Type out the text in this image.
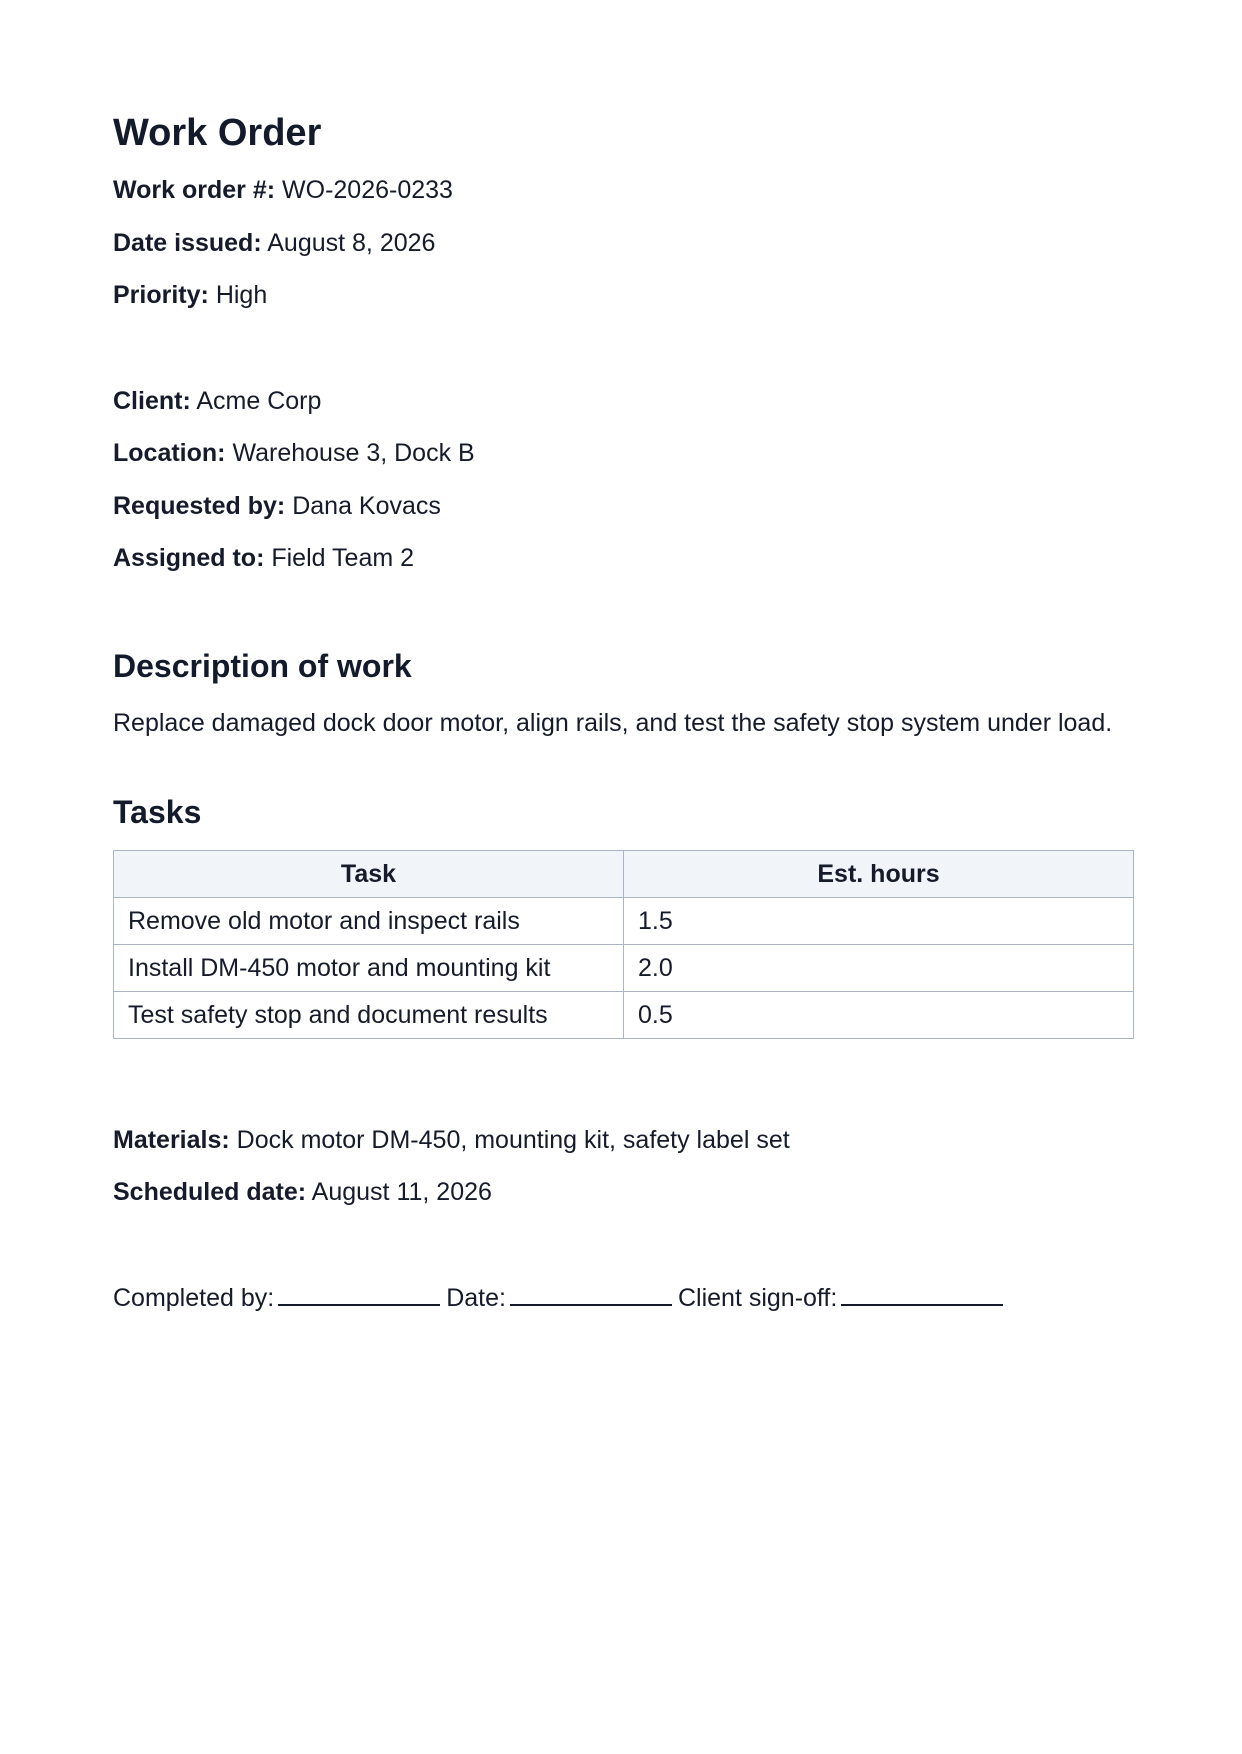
Work Order

Work order #: WO-2026-0233

Date issued: August 8, 2026

Priority: High

Client: Acme Corp

Location: Warehouse 3, Dock B

Requested by: Dana Kovacs

Assigned to: Field Team 2

Description of work

Replace damaged dock door motor, align rails, and test the safety stop system under load.

Tasks
Task	Est. hours
Remove old motor and inspect rails	1.5
Install DM-450 motor and mounting kit	2.0
Test safety stop and document results	0.5

Materials: Dock motor DM-450, mounting kit, safety label set

Scheduled date: August 11, 2026

Completed by:	Date:	Client sign-off:
